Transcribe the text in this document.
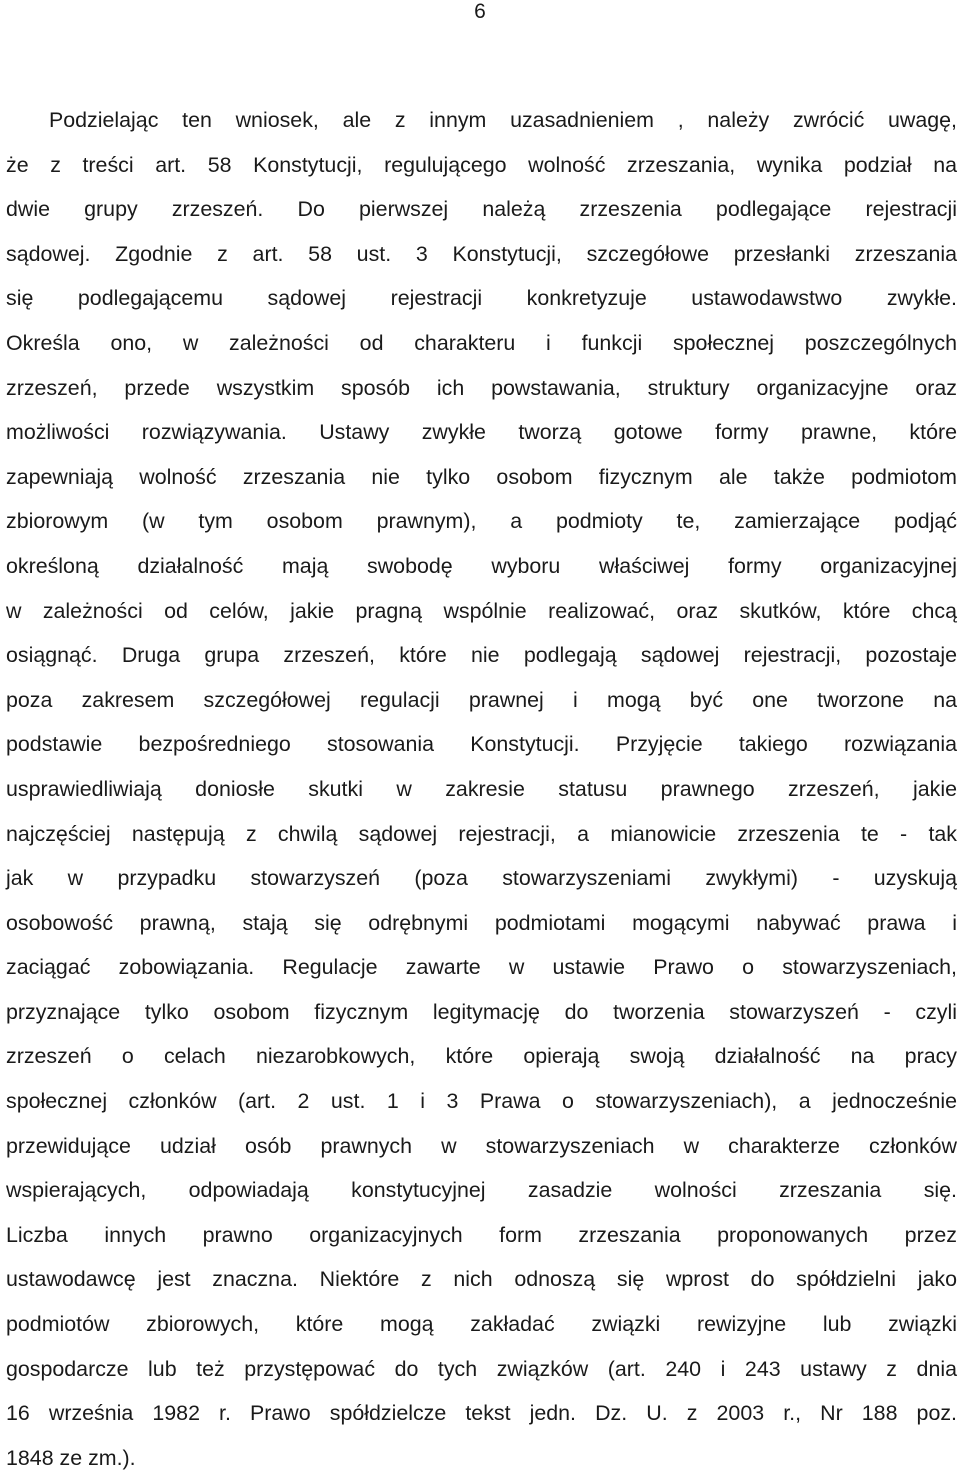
6
Podzielając ten wniosek, ale z innym uzasadnieniem , należy zwrócić uwagę,
że z treści art. 58 Konstytucji, regulującego wolność zrzeszania, wynika podział na
dwie grupy zrzeszeń. Do pierwszej należą zrzeszenia podlegające rejestracji
sądowej. Zgodnie z art. 58 ust. 3 Konstytucji, szczegółowe przesłanki zrzeszania
się podlegającemu sądowej rejestracji konkretyzuje ustawodawstwo zwykłe.
Określa ono, w zależności od charakteru i funkcji społecznej poszczególnych
zrzeszeń, przede wszystkim sposób ich powstawania, struktury organizacyjne oraz
możliwości rozwiązywania. Ustawy zwykłe tworzą gotowe formy prawne, które
zapewniają wolność zrzeszania nie tylko osobom fizycznym ale także podmiotom
zbiorowym (w tym osobom prawnym), a podmioty te, zamierzające podjąć
określoną działalność mają swobodę wyboru właściwej formy organizacyjnej
w zależności od celów, jakie pragną wspólnie realizować, oraz skutków, które chcą
osiągnąć. Druga grupa zrzeszeń, które nie podlegają sądowej rejestracji, pozostaje
poza zakresem szczegółowej regulacji prawnej i mogą być one tworzone na
podstawie bezpośredniego stosowania Konstytucji. Przyjęcie takiego rozwiązania
usprawiedliwiają doniosłe skutki w zakresie statusu prawnego zrzeszeń, jakie
najczęściej następują z chwilą sądowej rejestracji, a mianowicie zrzeszenia te - tak
jak w przypadku stowarzyszeń (poza stowarzyszeniami zwykłymi) - uzyskują
osobowość prawną, stają się odrębnymi podmiotami mogącymi nabywać prawa i
zaciągać zobowiązania. Regulacje zawarte w ustawie Prawo o stowarzyszeniach,
przyznające tylko osobom fizycznym legitymację do tworzenia stowarzyszeń - czyli
zrzeszeń o celach niezarobkowych, które opierają swoją działalność na pracy
społecznej członków (art. 2 ust. 1 i 3 Prawa o stowarzyszeniach), a jednocześnie
przewidujące udział osób prawnych w stowarzyszeniach w charakterze członków
wspierających, odpowiadają konstytucyjnej zasadzie wolności zrzeszania się.
Liczba innych prawno organizacyjnych form zrzeszania proponowanych przez
ustawodawcę jest znaczna. Niektóre z nich odnoszą się wprost do spółdzielni jako
podmiotów zbiorowych, które mogą zakładać związki rewizyjne lub związki
gospodarcze lub też przystępować do tych związków (art. 240 i 243 ustawy z dnia
16 września 1982 r. Prawo spółdzielcze tekst jedn. Dz. U. z 2003 r., Nr 188 poz.
1848 ze zm.).
